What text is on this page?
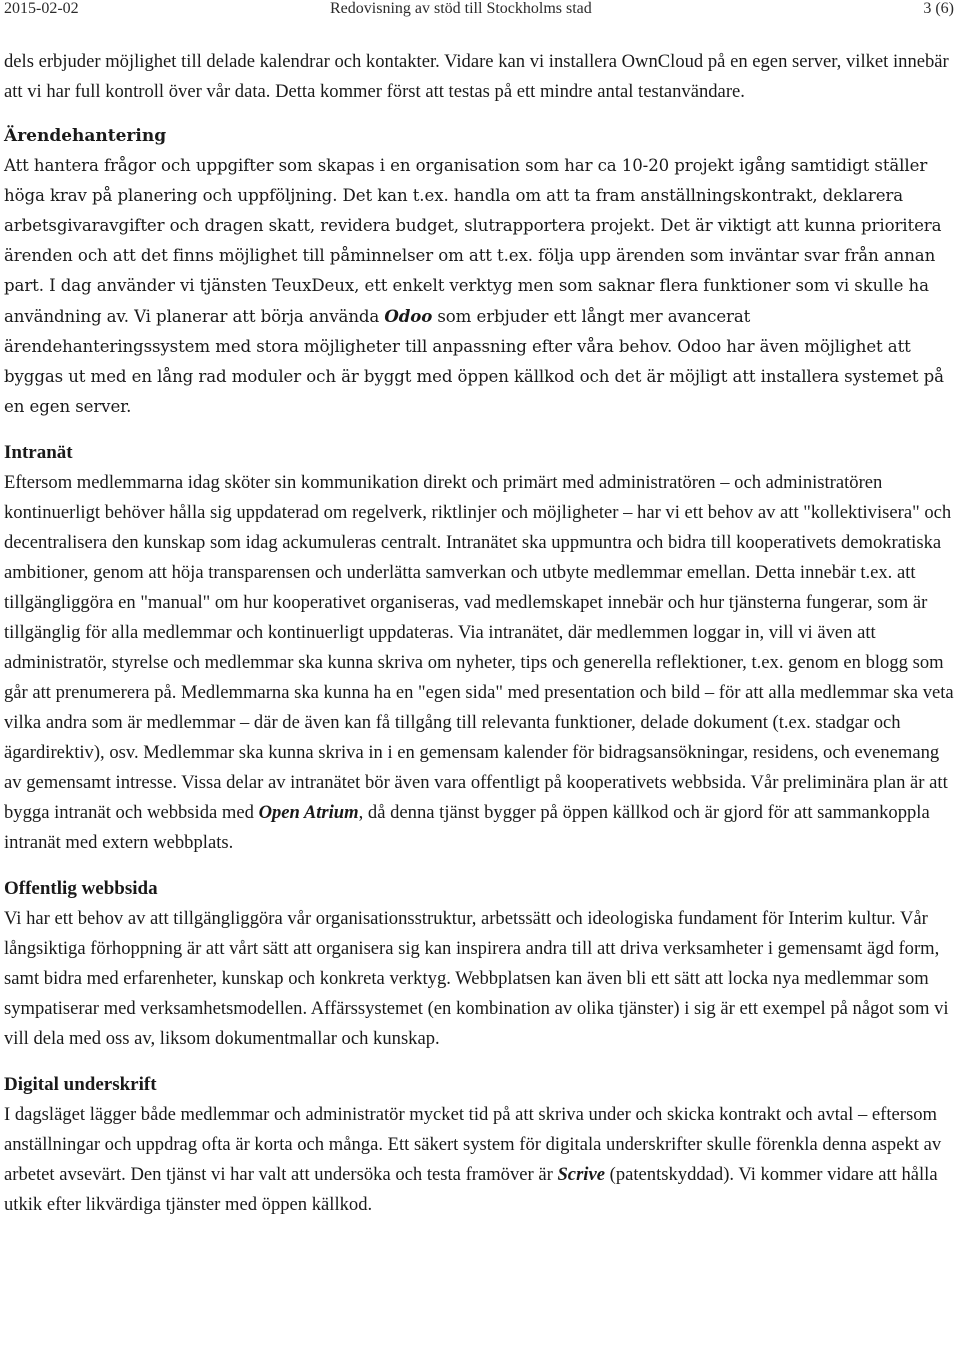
2015-02-02	Redovisning av stöd till Stockholms stad	3 (6)

dels erbjuder möjlighet till delade kalendrar och kontakter. Vidare kan vi installera OwnCloud på en egen server, vilket innebär att vi har full kontroll över vår data. Detta kommer först att testas på ett mindre antal testanvändare.

Ärendehantering

Att hantera frågor och uppgifter som skapas i en organisation som har ca 10-20 projekt igång samtidigt ställer höga krav på planering och uppföljning. Det kan t.ex. handla om att ta fram anställningskontrakt, deklarera arbetsgivaravgifter och dragen skatt, revidera budget, slutrapportera projekt. Det är viktigt att kunna prioritera ärenden och att det finns möjlighet till påminnelser om att t.ex. följa upp ärenden som inväntar svar från annan part. I dag använder vi tjänsten TeuxDeux, ett enkelt verktyg men som saknar flera funktioner som vi skulle ha användning av. Vi planerar att börja använda Odoo som erbjuder ett långt mer avancerat ärendehanteringssystem med stora möjligheter till anpassning efter våra behov. Odoo har även möjlighet att byggas ut med en lång rad moduler och är byggt med öppen källkod och det är möjligt att installera systemet på en egen server.

Intranät

Eftersom medlemmarna idag sköter sin kommunikation direkt och primärt med administratören – och administratören kontinuerligt behöver hålla sig uppdaterad om regelverk, riktlinjer och möjligheter – har vi ett behov av att "kollektivisera" och decentralisera den kunskap som idag ackumuleras centralt. Intranätet ska uppmuntra och bidra till kooperativets demokratiska ambitioner, genom att höja transparensen och underlätta samverkan och utbyte medlemmar emellan. Detta innebär t.ex. att tillgängliggöra en "manual" om hur kooperativet organiseras, vad medlemskapet innebär och hur tjänsterna fungerar, som är tillgänglig för alla medlemmar och kontinuerligt uppdateras. Via intranätet, där medlemmen loggar in, vill vi även att administratör, styrelse och medlemmar ska kunna skriva om nyheter, tips och generella reflektioner, t.ex. genom en blogg som går att prenumerera på. Medlemmarna ska kunna ha en "egen sida" med presentation och bild – för att alla medlemmar ska veta vilka andra som är medlemmar – där de även kan få tillgång till relevanta funktioner, delade dokument (t.ex. stadgar och ägardirektiv), osv. Medlemmar ska kunna skriva in i en gemensam kalender för bidragsansökningar, residens, och evenemang av gemensamt intresse. Vissa delar av intranätet bör även vara offentligt på kooperativets webbsida. Vår preliminära plan är att bygga intranät och webbsida med Open Atrium, då denna tjänst bygger på öppen källkod och är gjord för att sammankoppla intranät med extern webbplats.

Offentlig webbsida

Vi har ett behov av att tillgängliggöra vår organisationsstruktur, arbetssätt och ideologiska fundament för Interim kultur. Vår långsiktiga förhoppning är att vårt sätt att organisera sig kan inspirera andra till att driva verksamheter i gemensamt ägd form, samt bidra med erfarenheter, kunskap och konkreta verktyg. Webbplatsen kan även bli ett sätt att locka nya medlemmar som sympatiserar med verksamhetsmodellen. Affärssystemet (en kombination av olika tjänster) i sig är ett exempel på något som vi vill dela med oss av, liksom dokumentmallar och kunskap.

Digital underskrift

I dagsläget lägger både medlemmar och administratör mycket tid på att skriva under och skicka kontrakt och avtal – eftersom anställningar och uppdrag ofta är korta och många. Ett säkert system för digitala underskrifter skulle förenkla denna aspekt av arbetet avsevärt. Den tjänst vi har valt att undersöka och testa framöver är Scrive (patentskyddad). Vi kommer vidare att hålla utkik efter likvärdiga tjänster med öppen källkod.
